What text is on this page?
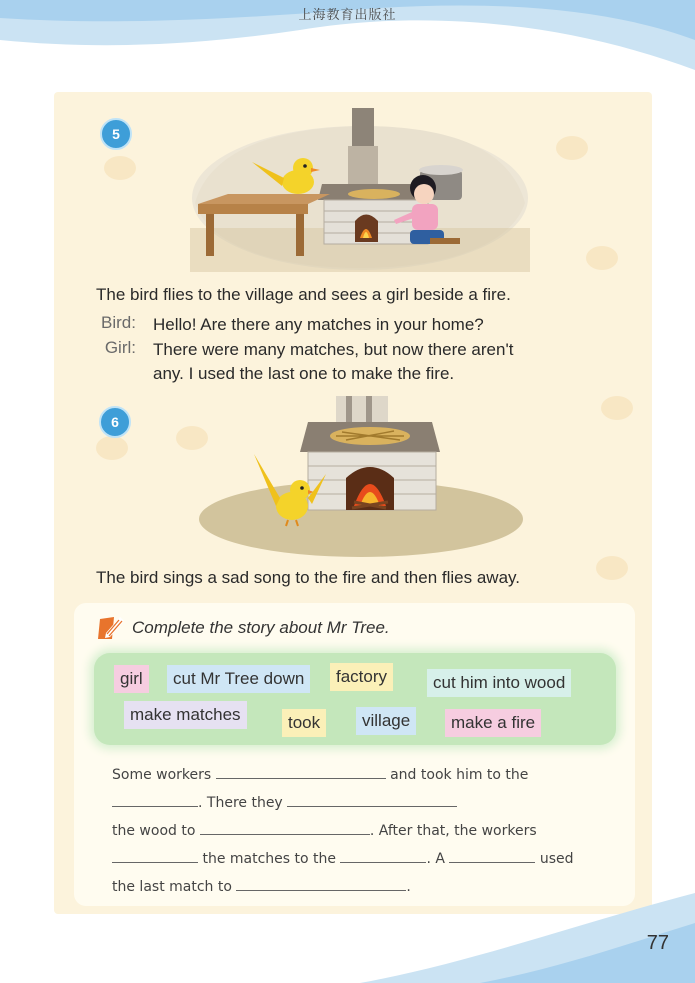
上海教育出版社
5
The bird flies to the village and sees a girl beside a fire.
Bird: Hello! Are there any matches in your home?
Girl: There were many matches, but now there aren't
any. I used the last one to make the fire.
6
The bird sings a sad song to the fire and then flies away.
Complete the story about Mr Tree.
girl	cut Mr Tree down	factory	cut him into wood
make matches	took	village	make a fire
Some workers	and took him to the
. There they
the wood to	. After that, the workers
the matches to the	. A	used
the last match to	.
77
